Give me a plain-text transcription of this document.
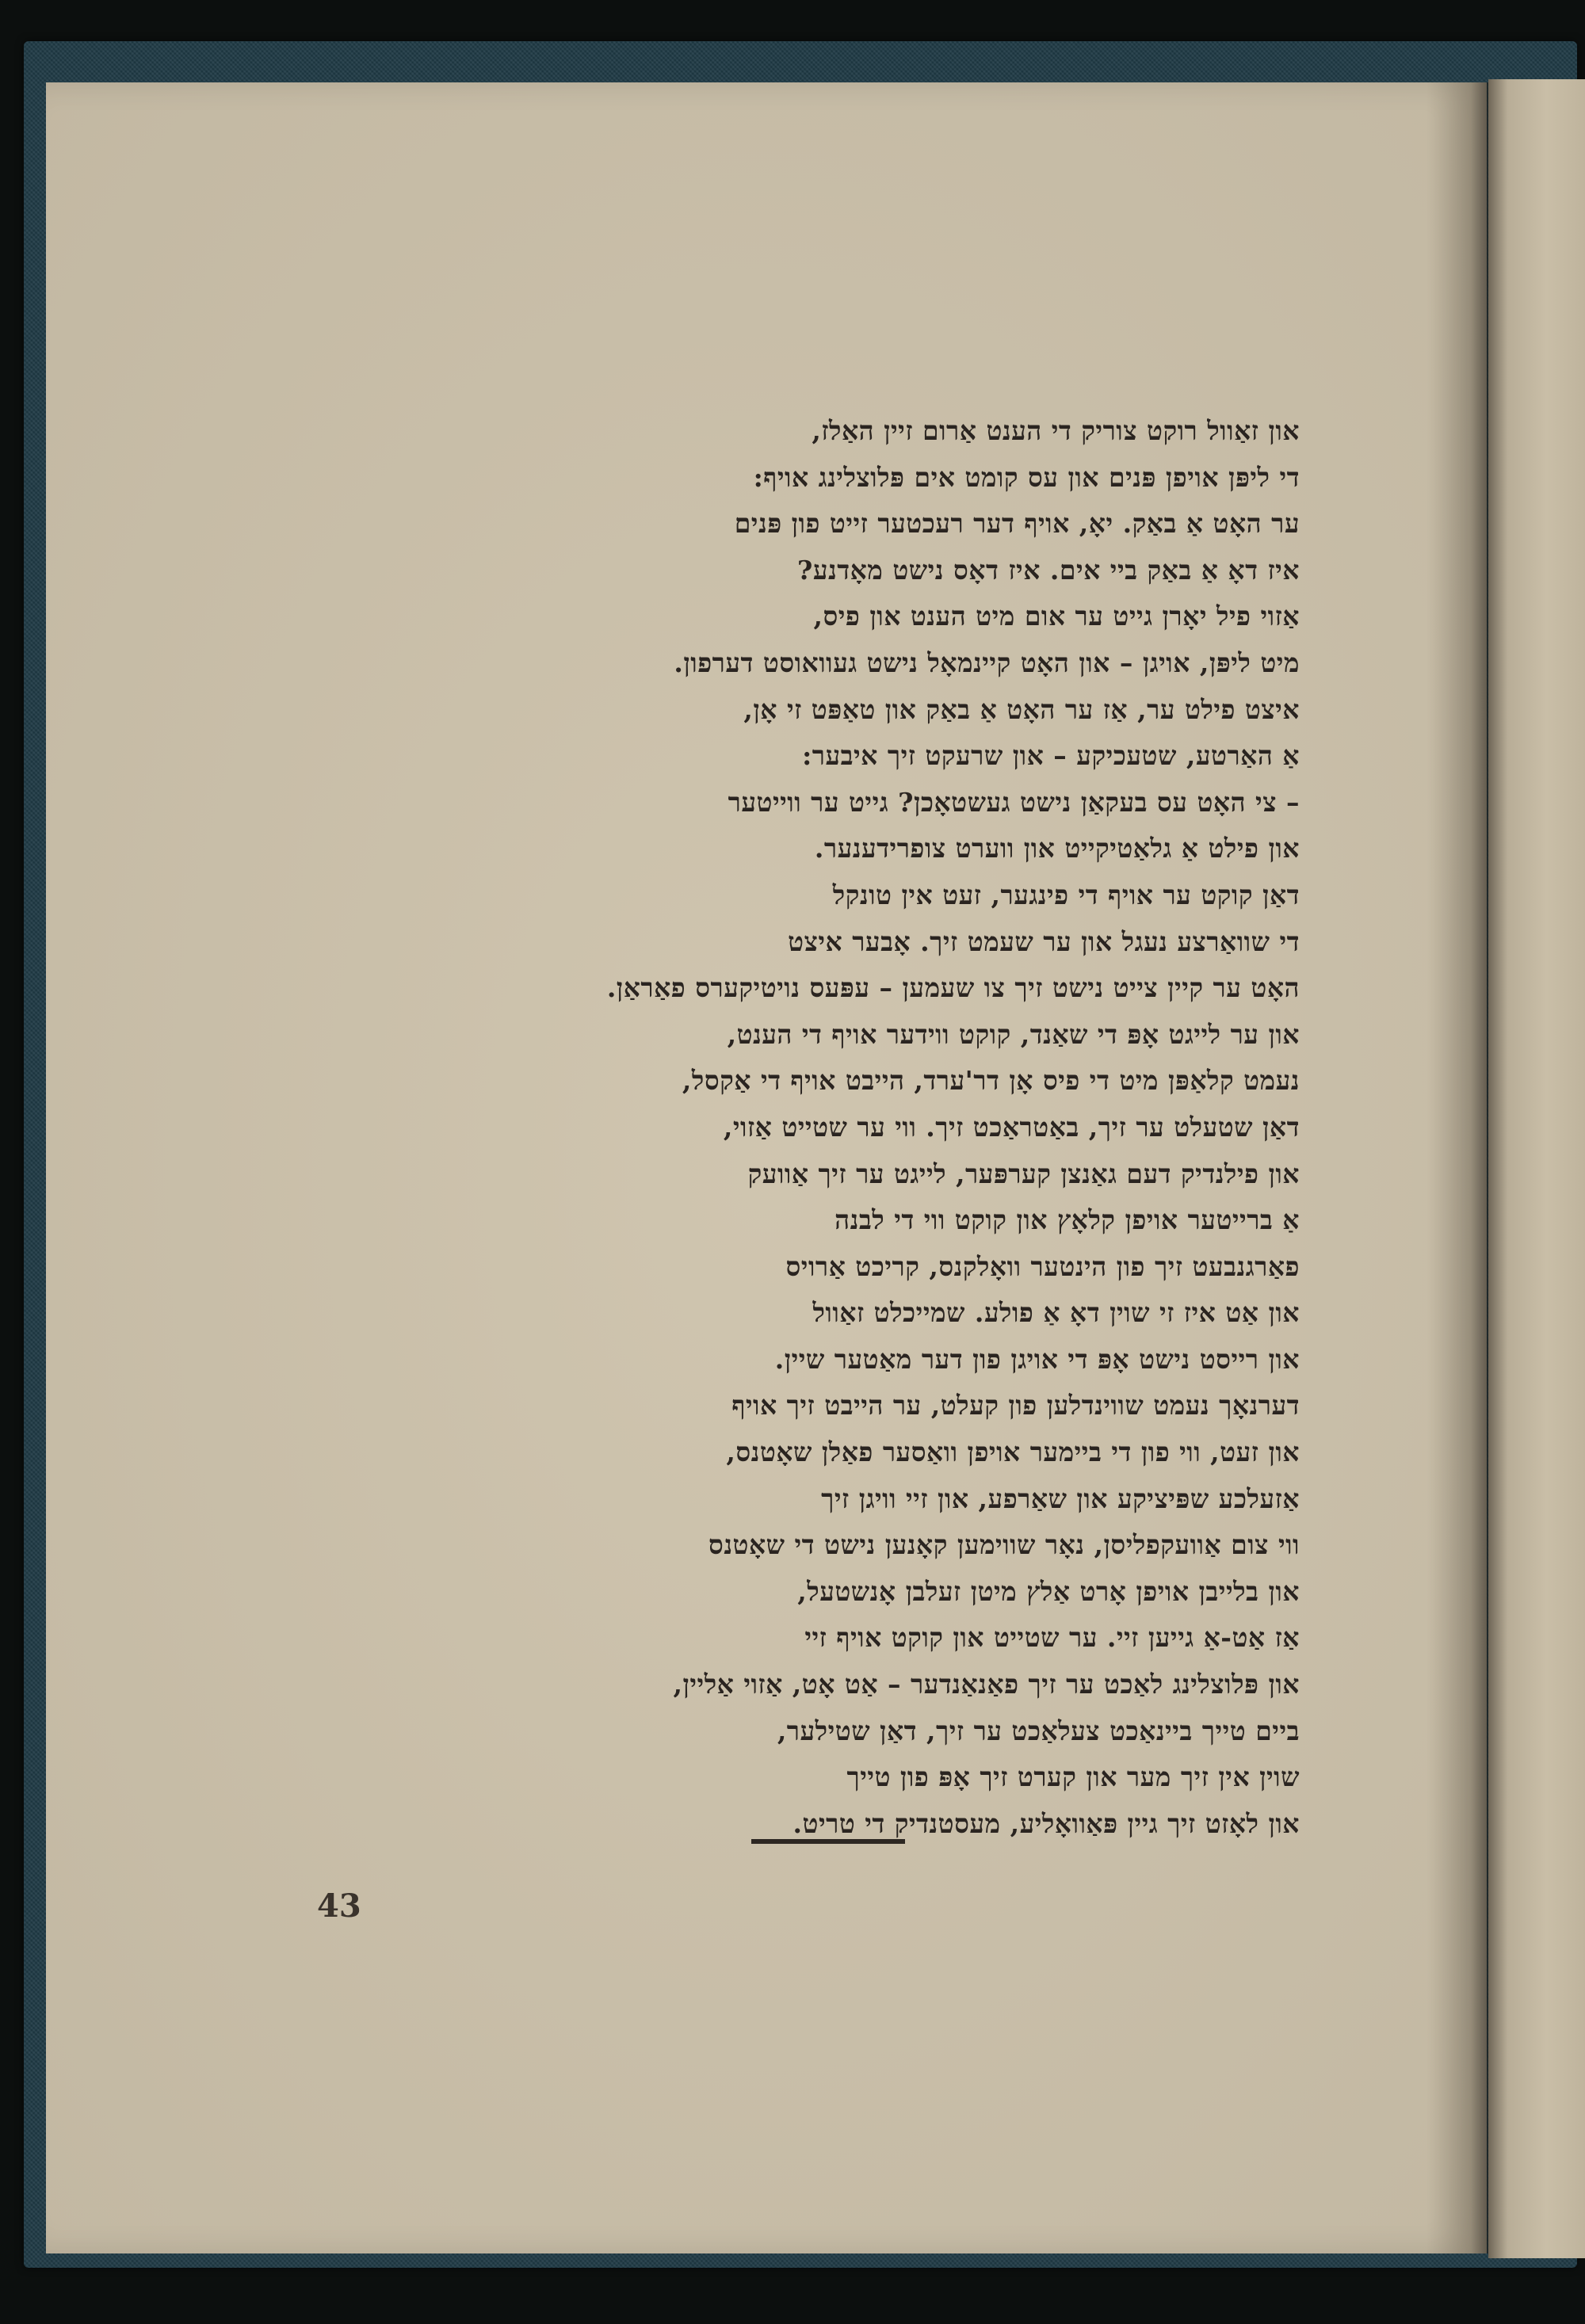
און זאַוול רוקט צוריק די הענט אַרום זיין האַלז,
די ליפּן אויפן פּנים און עס קומט אים פּלוצלינג אויף:
ער האָט אַ באַק. יאָ, אויף דער רעכטער זייט פון פּנים
איז דאָ אַ באַק ביי אים. איז דאָס נישט מאָדנע?
אַזוי פיל יאָרן גייט ער אום מיט הענט און פיס,
מיט ליפּן, אויגן – און האָט קיינמאָל נישט געוואוסט דערפון.
איצט פילט ער, אַז ער האָט אַ באַק און טאַפּט זי אָן,
אַ האַרטע, שטעכיקע – און שרעקט זיך איבער:
– צי האָט עס בעקאַן נישט געשטאָכן? גייט ער ווייטער
און פילט אַ גלאַטיקייט און ווערט צופרידענער.
דאַן קוקט ער אויף די פינגער, זעט אין טונקל
די שוואַרצע נעגל און ער שעמט זיך. אָבער איצט
האָט ער קיין צייט נישט זיך צו שעמען – עפּעס נויטיקערס פאַראַן.
און ער לייגט אָפּ די שאַנד, קוקט ווידער אויף די הענט,
נעמט קלאַפּן מיט די פיס אָן דר'ערד, הייבט אויף די אַקסל,
דאַן שטעלט ער זיך, באַטראַכט זיך. ווי ער שטייט אַזוי,
און פילנדיק דעם גאַנצן קערפּער, לייגט ער זיך אַוועק
אַ ברייטער אויפן קלאָץ און קוקט ווי די לבנה
פאַרגנבעט זיך פון הינטער וואָלקנס, קריכט אַרויס
און אַט איז זי שוין דאָ אַ פולע. שמייכלט זאַוול
און רייסט נישט אָפּ די אויגן פון דער מאַטער שיין.
דערנאָך נעמט שווינדלען פון קעלט, ער הייבט זיך אויף
און זעט, ווי פון די ביימער אויפן וואַסער פאַלן שאָטנס,
אַזעלכע שפּיציקע און שאַרפע, און זיי וויגן זיך
ווי צום אַוועקפליסן, נאָר שווימען קאָנען נישט די שאָטנס
און בלייבן אויפן אָרט אַלץ מיטן זעלבן אָנשטעל,
אַז אַט-אַ גייען זיי. ער שטייט און קוקט אויף זיי
און פּלוצלינג לאַכט ער זיך פאַנאַנדער – אַט אָט, אַזוי אַליין,
ביים טייך ביינאַכט צעלאַכט ער זיך, דאַן שטילער,
שוין אין זיך מער און קערט זיך אָפּ פון טייך
און לאָזט זיך גיין פּאַוואָליע, מעסטנדיק די טריט.
43
